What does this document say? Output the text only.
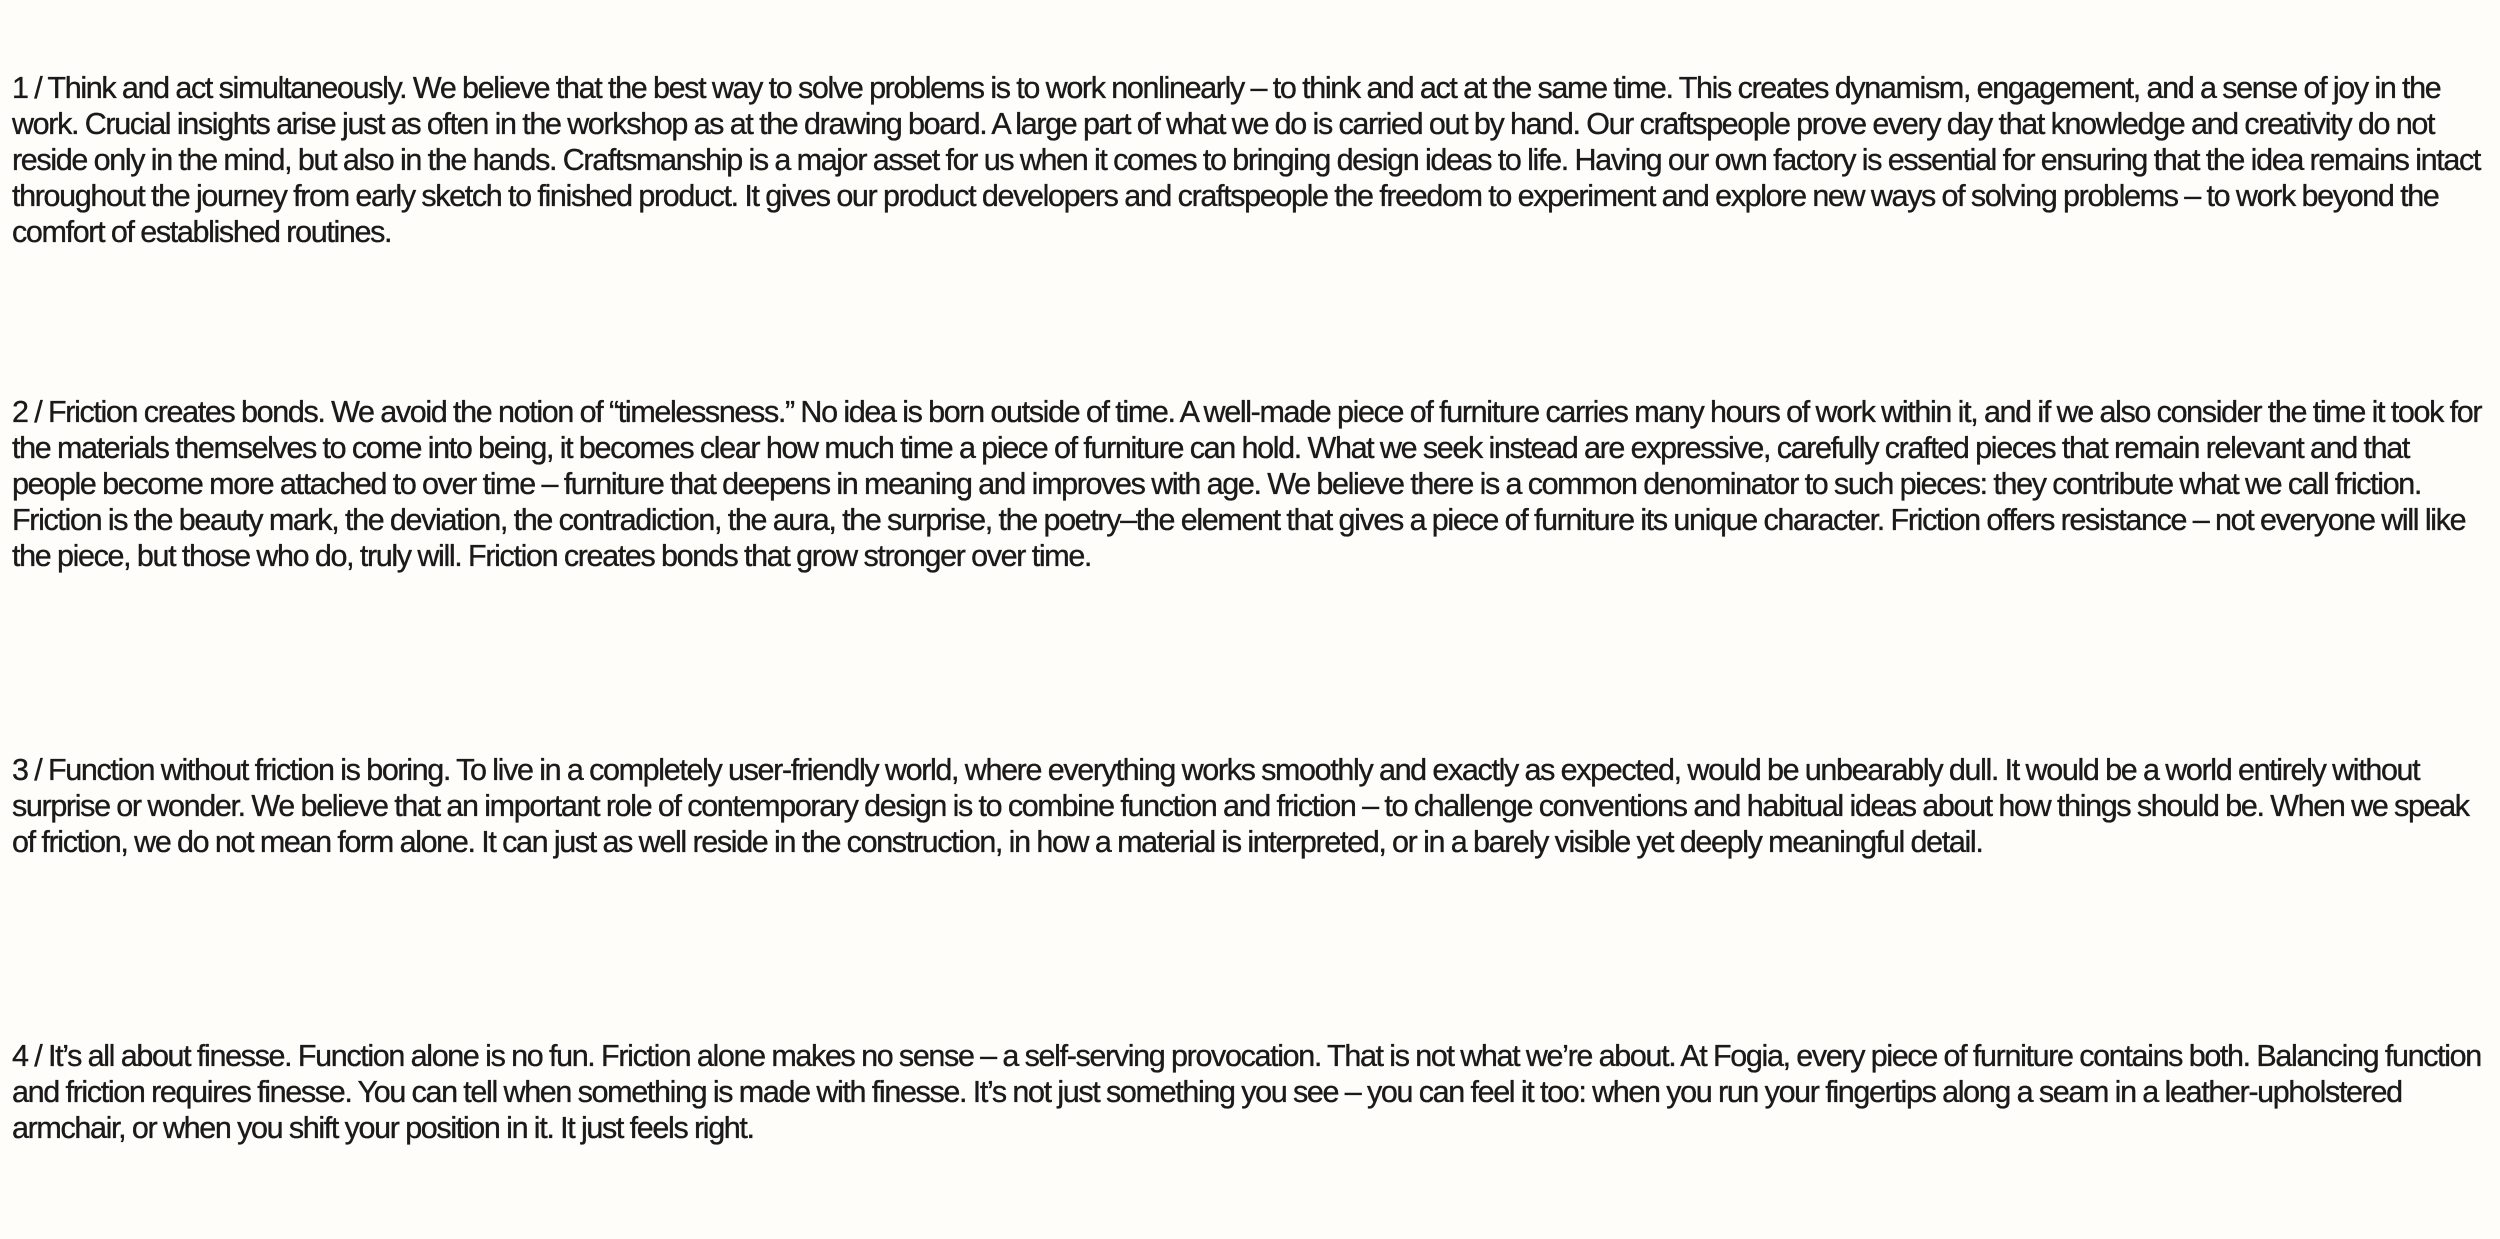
1 / Think and act simultaneously. We believe that the best way to solve problems is to work nonlinearly – to think and act at the same time. This creates dynamism, engagement, and a sense of joy in the work. Crucial insights arise just as often in the workshop as at the drawing board. A large part of what we do is carried out by hand. Our craftspeople prove every day that knowledge and creativity do not reside only in the mind, but also in the hands. Craftsmanship is a major asset for us when it comes to bringing design ideas to life. Having our own factory is essential for ensuring that the idea remains intact throughout the journey from early sketch to finished product. It gives our product developers and craftspeople the freedom to experiment and explore new ways of solving problems – to work beyond the comfort of established routines.

2 / Friction creates bonds. We avoid the notion of “timelessness.” No idea is born outside of time. A well-made piece of furniture carries many hours of work within it, and if we also consider the time it took for the materials themselves to come into being, it becomes clear how much time a piece of furniture can hold. What we seek instead are expressive, carefully crafted pieces that remain relevant and that people become more attached to over time – furniture that deepens in meaning and improves with age. We believe there is a common denominator to such pieces: they contribute what we call friction. Friction is the beauty mark, the deviation, the contradiction, the aura, the surprise, the poetry–the element that gives a piece of furniture its unique character. Friction offers resistance – not everyone will like the piece, but those who do, truly will. Friction creates bonds that grow stronger over time.

3 / Function without friction is boring. To live in a completely user-friendly world, where everything works smoothly and exactly as expected, would be unbearably dull. It would be a world entirely without surprise or wonder. We believe that an important role of contemporary design is to combine function and friction – to challenge conventions and habitual ideas about how things should be. When we speak of friction, we do not mean form alone. It can just as well reside in the construction, in how a material is interpreted, or in a barely visible yet deeply meaningful detail.

4 / It’s all about finesse. Function alone is no fun. Friction alone makes no sense – a self-serving provocation. That is not what we’re about. At Fogia, every piece of furniture contains both. Balancing function and friction requires finesse. You can tell when something is made with finesse. It’s not just something you see – you can feel it too: when you run your fingertips along a seam in a leather-upholstered armchair, or when you shift your position in it. It just feels right.
